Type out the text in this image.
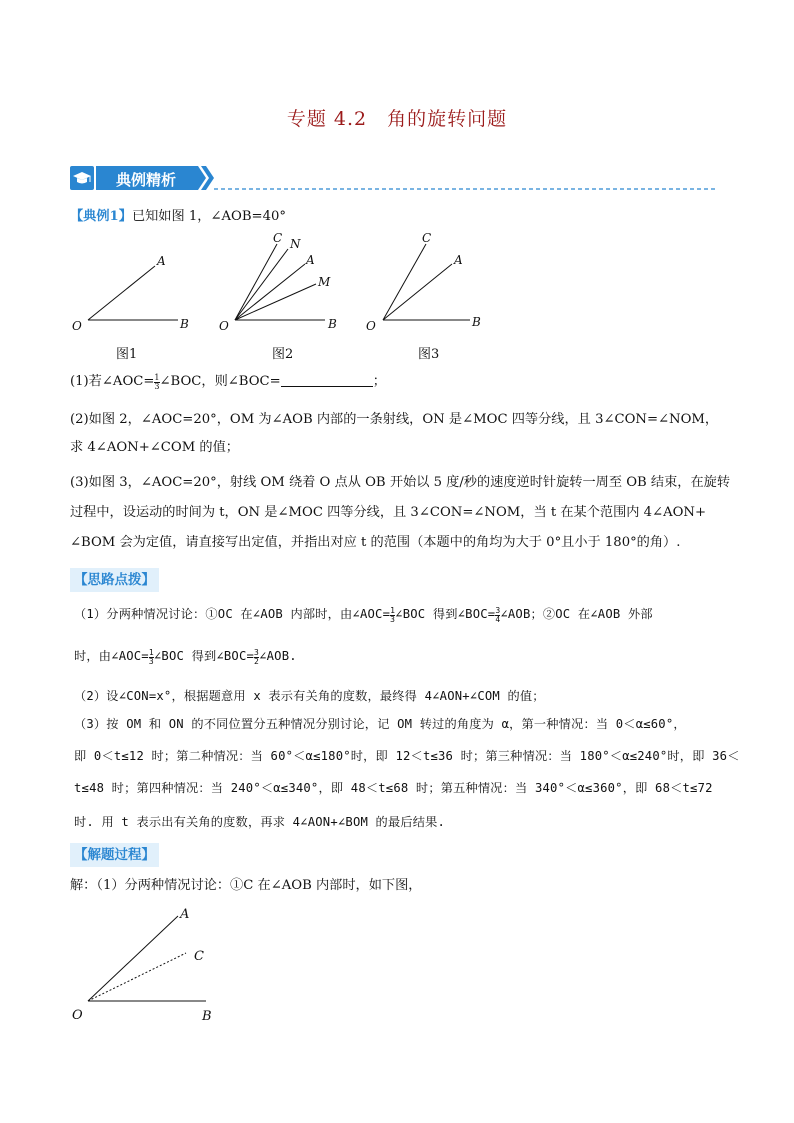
专题 4.2　角的旋转问题
典例精析
【典例1】已知如图 1，∠AOB=40°
O
A
B	O
C N
A
M
B O
C
A
B
图1	图2	图3
(1)若∠AOC= $\frac{1}{3}$ ∠BOC，则∠BOC=	；
(2)如图 2，∠AOC=20°，OM 为∠AOB 内部的一条射线，ON 是∠MOC 四等分线，且 3∠CON=∠NOM，
求 4∠AON+∠COM 的值；
(3)如图 3，∠AOC=20°，射线 OM 绕着 O 点从 OB 开始以 5 度/秒的速度逆时针旋转一周至 OB 结束，在旋转
过程中，设运动的时间为 t，ON 是∠MOC 四等分线，且 3∠CON=∠NOM，当 t 在某个范围内 4∠AON+
∠BOM 会为定值，请直接写出定值，并指出对应 t 的范围（本题中的角均为大于 0°且小于 180°的角）.
【思路点拨】
（1）分两种情况讨论：①OC 在∠AOB 内部时，由∠AOC= $\frac{1}{3}$ ∠BOC 得到∠BOC= $\frac{3}{4}$ ∠AOB；②OC 在∠AOB 外部
时，由∠AOC= $\frac{1}{3}$ ∠BOC 得到∠BOC= $\frac{3}{2}$ ∠AOB.
（2）设∠CON=x°，根据题意用 x 表示有关角的度数，最终得 4∠AON+∠COM 的值；
（3）按 OM 和 ON 的不同位置分五种情况分别讨论，记 OM 转过的角度为 α，第一种情况：当 0＜α≤60°，
即 0＜t≤12 时；第二种情况：当 60°＜α≤180°时，即 12＜t≤36 时；第三种情况：当 180°＜α≤240°时，即 36＜
t≤48 时；第四种情况：当 240°＜α≤340°，即 48＜t≤68 时；第五种情况：当 340°＜α≤360°，即 68＜t≤72
时. 用 t 表示出有关角的度数，再求 4∠AON+∠BOM 的最后结果.
【解题过程】
解：（1）分两种情况讨论：①C 在∠AOB 内部时，如下图，
A
C
O	B
